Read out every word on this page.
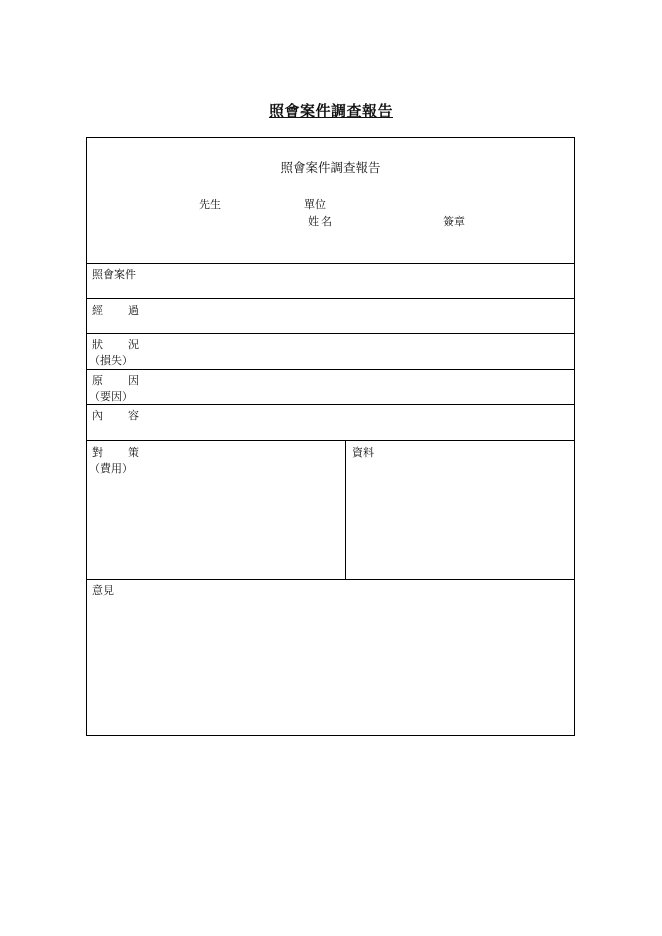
照會案件調查報告
照會案件調查報告
先生	單位
姓名	簽章
照會案件
經 過
狀 況
（損失）
原 因
（要因）
內 容
對 策
（費用）
資料
意見
